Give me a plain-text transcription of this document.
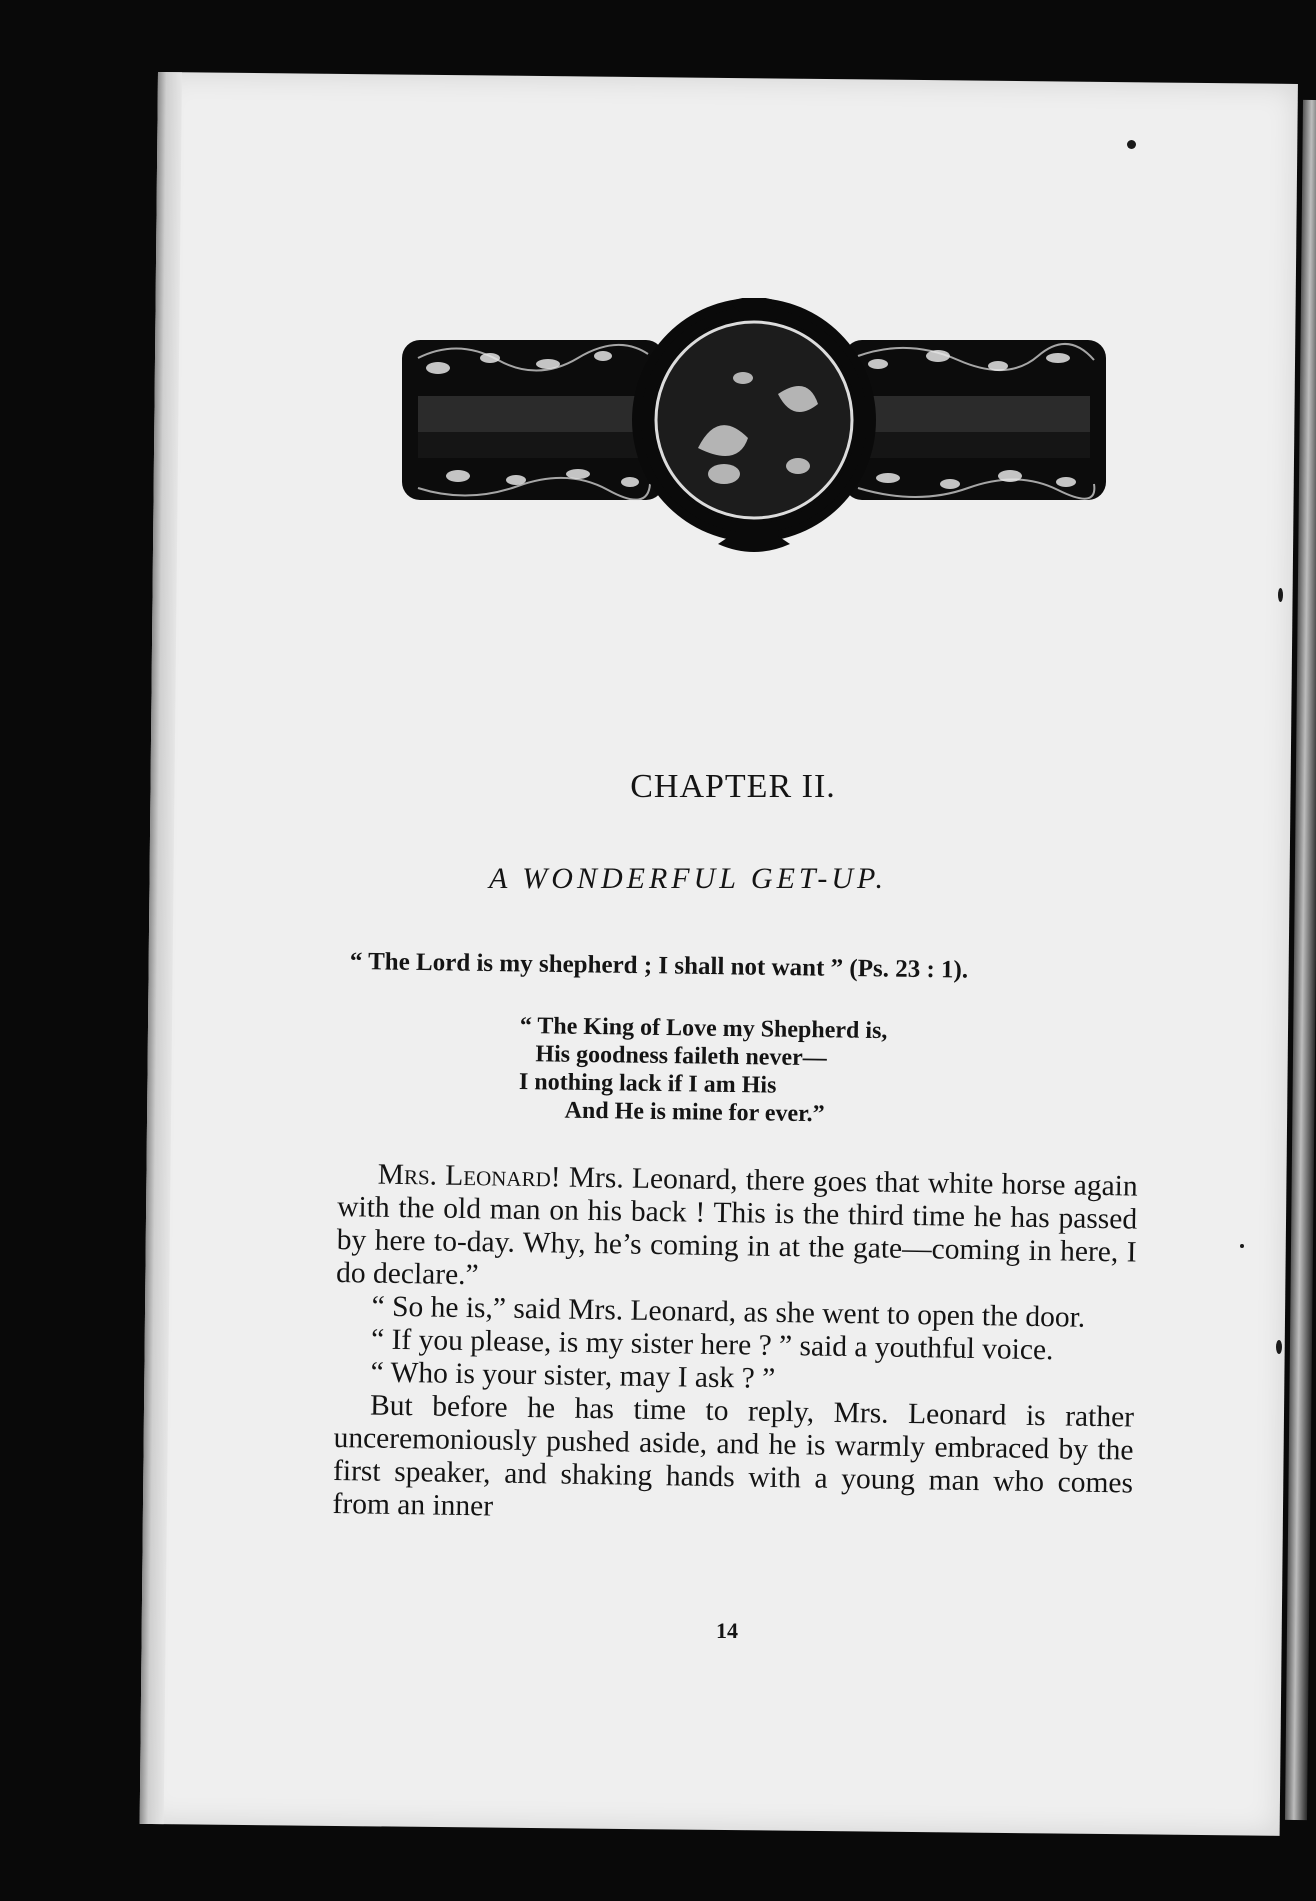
CHAPTER II.
A WONDERFUL GET-UP.
“ The Lord is my shepherd ; I shall not want ” (Ps. 23 : 1).
“ The King of Love my Shepherd is,
His goodness faileth never—
I nothing lack if I am His
And He is mine for ever.”

Mrs. Leonard! Mrs. Leonard, there goes that white horse again with the old man on his back ! This is the third time he has passed by here to-day. Why, he’s coming in at the gate—coming in here, I do declare.”

“ So he is,” said Mrs. Leonard, as she went to open the door.

“ If you please, is my sister here ? ” said a youthful voice.

“ Who is your sister, may I ask ? ”

But before he has time to reply, Mrs. Leonard is rather unceremoniously pushed aside, and he is warmly embraced by the first speaker, and shaking hands with a young man who comes from an inner

14
